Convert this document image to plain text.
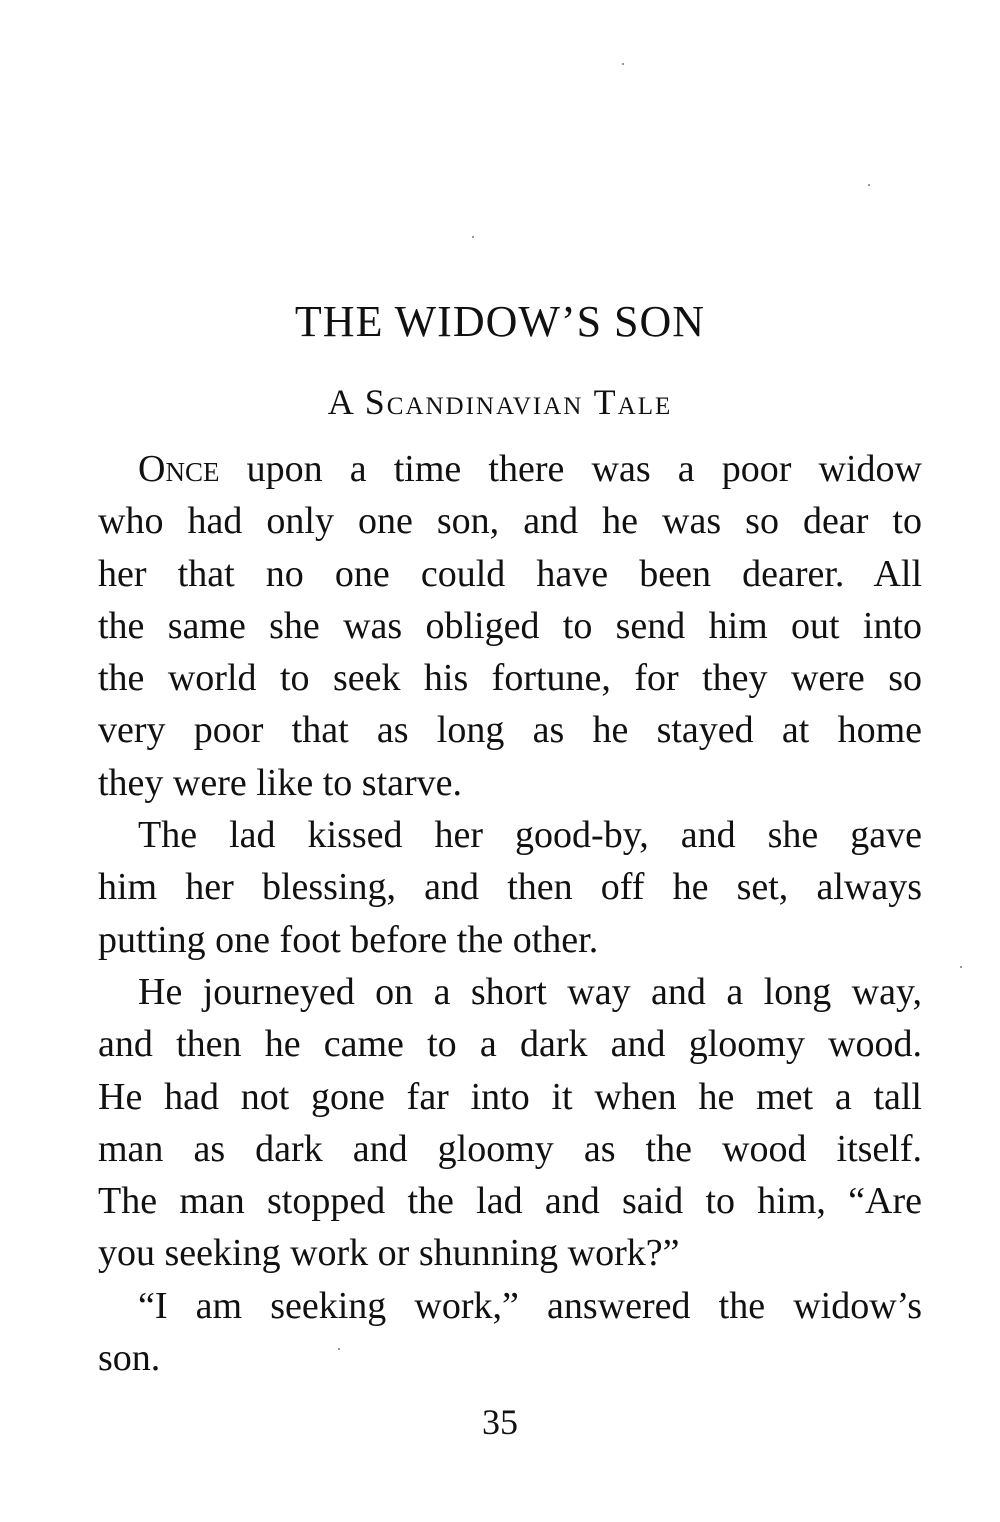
THE WIDOW’S SON
A Scandinavian Tale
Once upon a time there was a poor widow
who had only one son, and he was so dear to
her that no one could have been dearer. All
the same she was obliged to send him out into
the world to seek his fortune, for they were so
very poor that as long as he stayed at home
they were like to starve.
The lad kissed her good-by, and she gave
him her blessing, and then off he set, always
putting one foot before the other.
He journeyed on a short way and a long way,
and then he came to a dark and gloomy wood.
He had not gone far into it when he met a tall
man as dark and gloomy as the wood itself.
The man stopped the lad and said to him, “Are
you seeking work or shunning work?”
“I am seeking work,” answered the widow’s
son.
35
